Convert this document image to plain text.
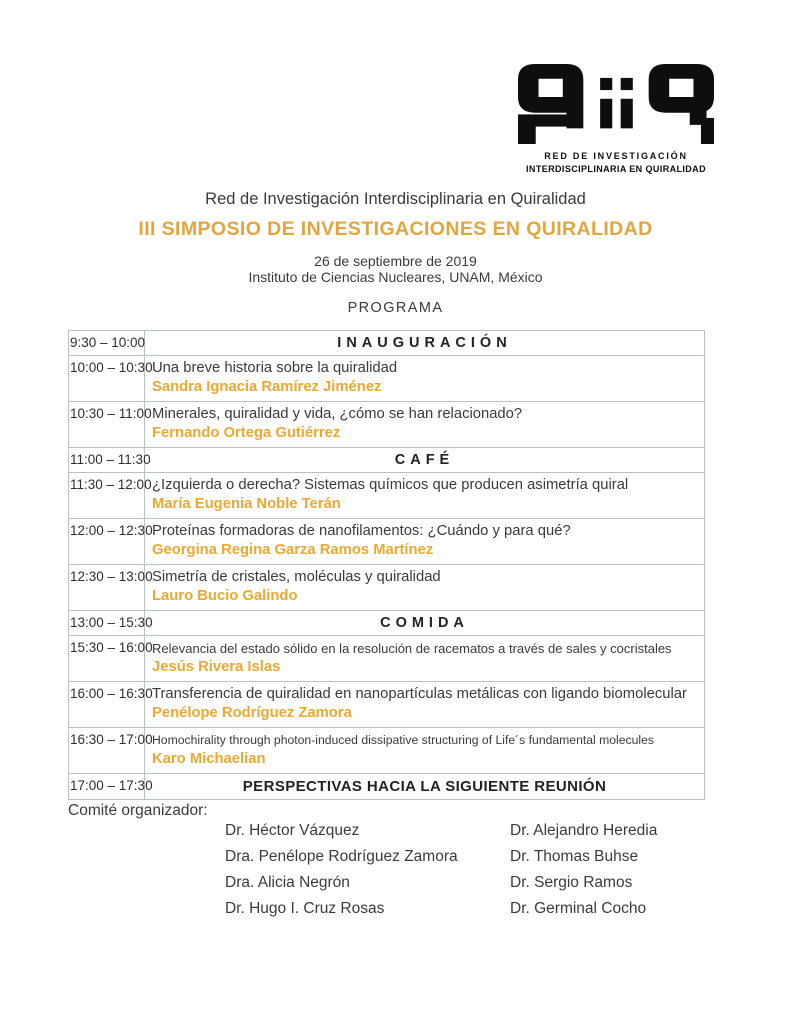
RED DE INVESTIGACIÓN
INTERDISCIPLINARIA EN QUIRALIDAD
Red de Investigación Interdisciplinaria en Quiralidad
III SIMPOSIO DE INVESTIGACIONES EN QUIRALIDAD
26 de septiembre de 2019
Instituto de Ciencias Nucleares, UNAM, México
PROGRAMA
9:30 – 10:00	INAUGURACIÓN

10:00 – 10:30	Una breve historia sobre la quiralidad
Sandra Ignacia Ramírez Jiménez

10:30 – 11:00	Minerales, quiralidad y vida, ¿cómo se han relacionado?
Fernando Ortega Gutiérrez

11:00 – 11:30	CAFÉ

11:30 – 12:00	¿Izquierda o derecha? Sistemas químicos que producen asimetría quiral
María Eugenia Noble Terán

12:00 – 12:30	Proteínas formadoras de nanofilamentos: ¿Cuándo y para qué?
Georgina Regina Garza Ramos Martínez

12:30 – 13:00	Simetría de cristales, moléculas y quiralidad
Lauro Bucio Galindo

13:00 – 15:30	COMIDA

15:30 – 16:00	Relevancia del estado sólido en la resolución de racematos a través de sales y cocristales
Jesús Rivera Islas

16:00 – 16:30	Transferencia de quiralidad en nanopartículas metálicas con ligando biomolecular
Penélope Rodríguez Zamora

16:30 – 17:00	Homochirality through photon-induced dissipative structuring of Life´s fundamental molecules
Karo Michaelian

17:00 – 17:30	PERSPECTIVAS HACIA LA SIGUIENTE REUNIÓN
Comité organizador:
Dr. Héctor Vázquez
Dra. Penélope Rodríguez Zamora
Dra. Alicia Negrón
Dr. Hugo I. Cruz Rosas
Dr. Alejandro Heredia
Dr. Thomas Buhse
Dr. Sergio Ramos
Dr. Germinal Cocho
